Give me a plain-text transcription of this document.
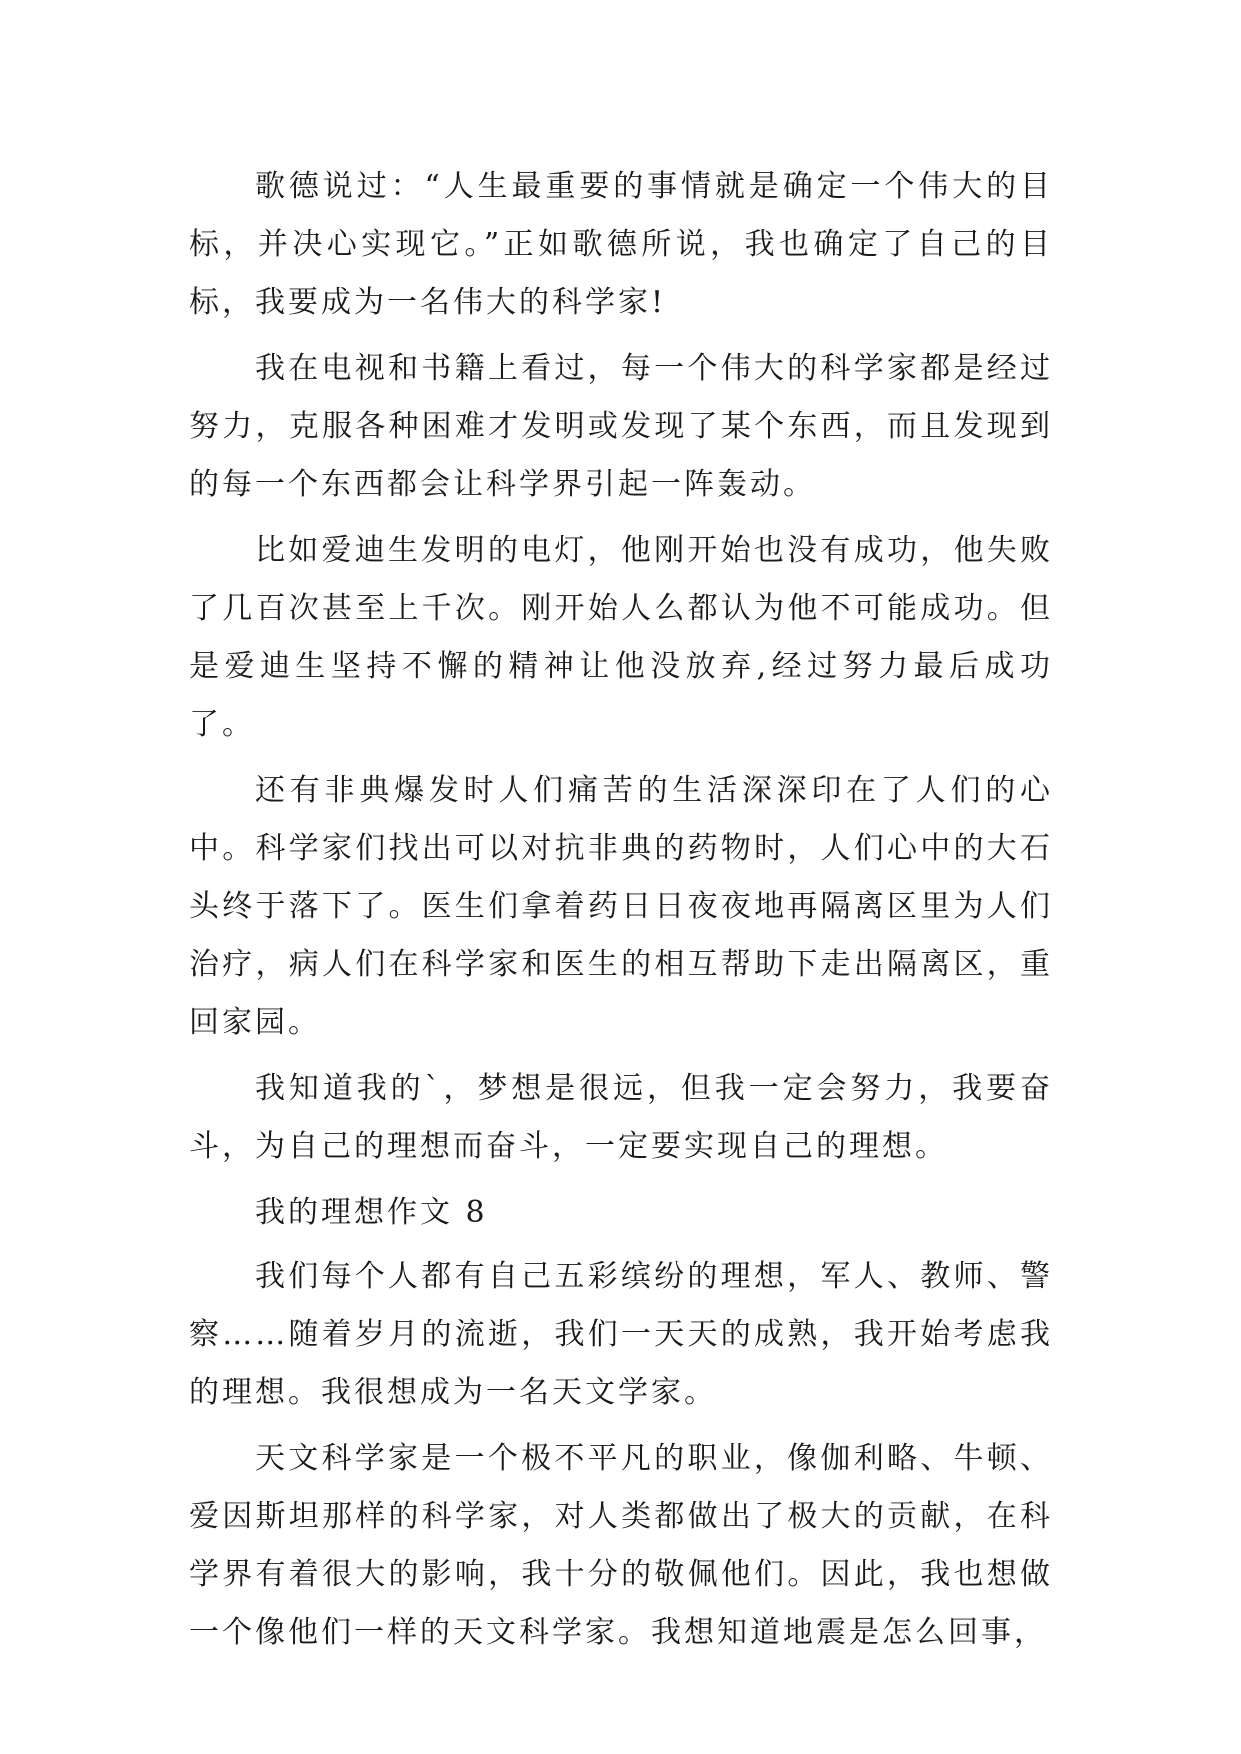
歌德说过：“人生最重要的事情就是确定一个伟大的目标，并决心实现它。”正如歌德所说，我也确定了自己的目标，我要成为一名伟大的科学家!

我在电视和书籍上看过，每一个伟大的科学家都是经过努力，克服各种困难才发明或发现了某个东西，而且发现到的每一个东西都会让科学界引起一阵轰动。

比如爱迪生发明的电灯，他刚开始也没有成功，他失败了几百次甚至上千次。刚开始人么都认为他不可能成功。但是爱迪生坚持不懈的精神让他没放弃,经过努力最后成功了。

还有非典爆发时人们痛苦的生活深深印在了人们的心中。科学家们找出可以对抗非典的药物时，人们心中的大石头终于落下了。医生们拿着药日日夜夜地再隔离区里为人们治疗，病人们在科学家和医生的相互帮助下走出隔离区，重回家园。

我知道我的`，梦想是很远，但我一定会努力，我要奋斗，为自己的理想而奋斗，一定要实现自己的理想。

我的理想作文 8

我们每个人都有自己五彩缤纷的理想，军人、教师、警察……随着岁月的流逝，我们一天天的成熟，我开始考虑我的理想。我很想成为一名天文学家。

天文科学家是一个极不平凡的职业，像伽利略、牛顿、爱因斯坦那样的科学家，对人类都做出了极大的贡献，在科学界有着很大的影响，我十分的敬佩他们。因此，我也想做一个像他们一样的天文科学家。我想知道地震是怎么回事，
